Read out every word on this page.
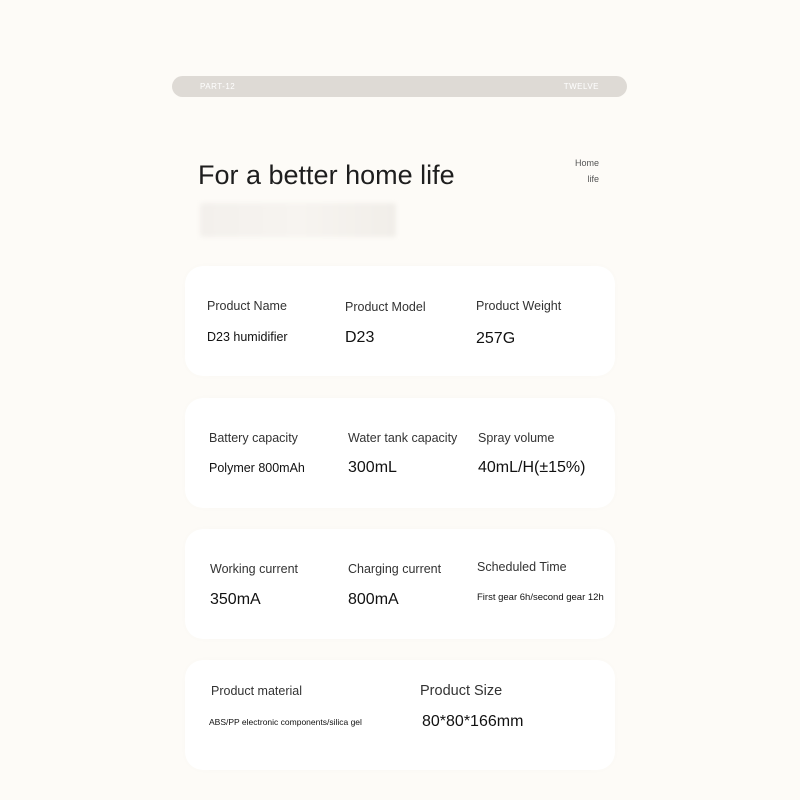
PART-12	TWELVE
For a better home life	Home
life
Product Name
D23 humidifier
Product Model
D23
Product Weight
257G
Battery capacity
Polymer 800mAh
Water tank capacity
300mL
Spray volume
40mL/H(±15%)
Working current
350mA
Charging current
800mA
Scheduled Time
First gear 6h/second gear 12h
Product material
ABS/PP electronic components/silica gel
Product Size
80*80*166mm
